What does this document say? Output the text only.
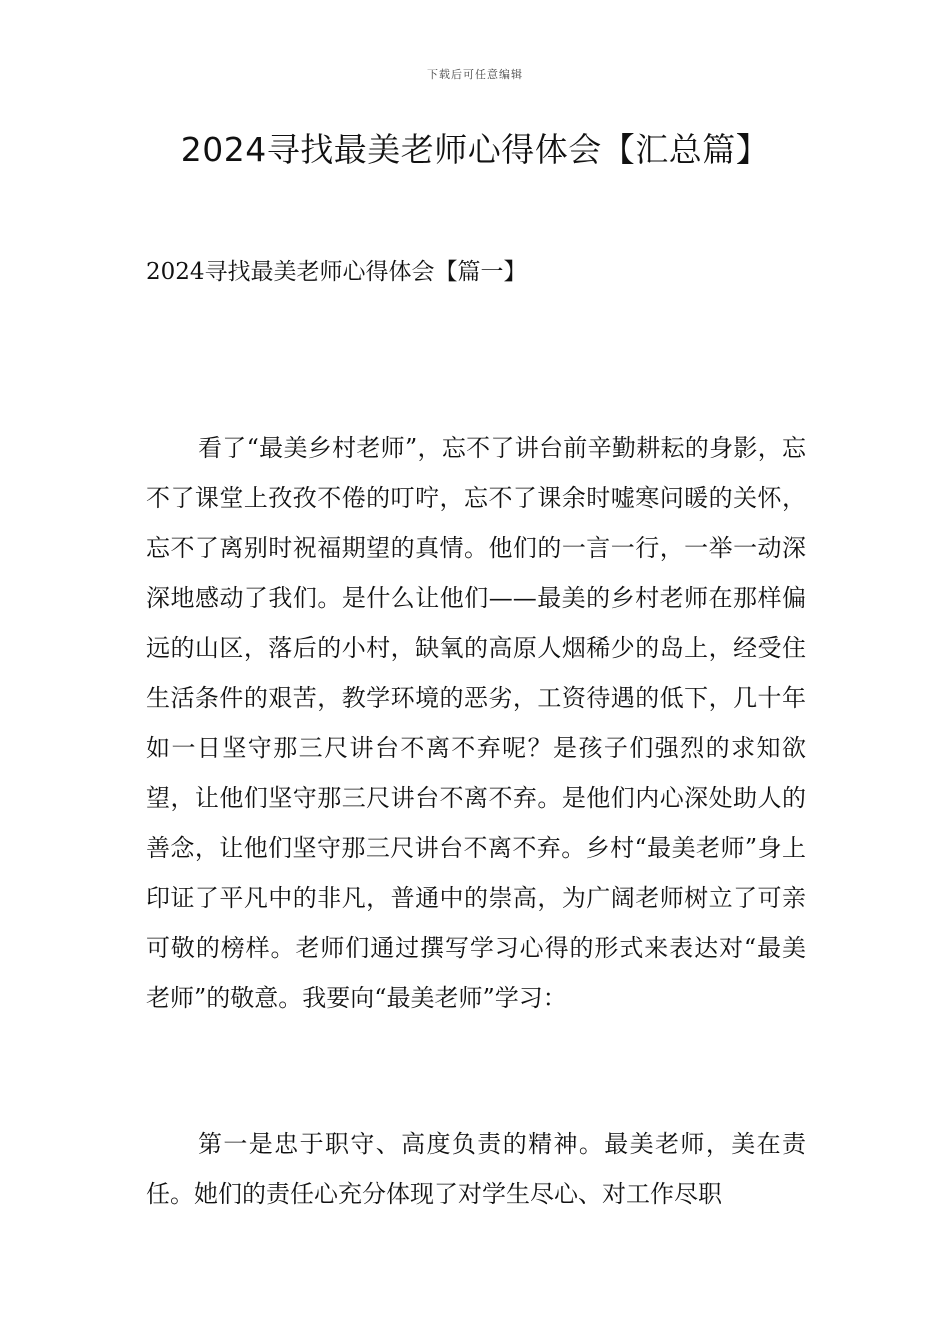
下载后可任意编辑
2024寻找最美老师心得体会【汇总篇】
2024寻找最美老师心得体会【篇一】

看了“最美乡村老师”，忘不了讲台前辛勤耕耘的身影，忘不了课堂上孜孜不倦的叮咛，忘不了课余时嘘寒问暖的关怀，忘不了离别时祝福期望的真情。他们的一言一行，一举一动深深地感动了我们。是什么让他们——最美的乡村老师在那样偏远的山区，落后的小村，缺氧的高原人烟稀少的岛上，经受住生活条件的艰苦，教学环境的恶劣，工资待遇的低下，几十年如一日坚守那三尺讲台不离不弃呢？是孩子们强烈的求知欲望，让他们坚守那三尺讲台不离不弃。是他们内心深处助人的善念，让他们坚守那三尺讲台不离不弃。乡村“最美老师”身上印证了平凡中的非凡，普通中的崇高，为广阔老师树立了可亲可敬的榜样。老师们通过撰写学习心得的形式来表达对“最美老师”的敬意。我要向“最美老师”学习：

第一是忠于职守、高度负责的精神。最美老师，美在责任。她们的责任心充分体现了对学生尽心、对工作尽职
